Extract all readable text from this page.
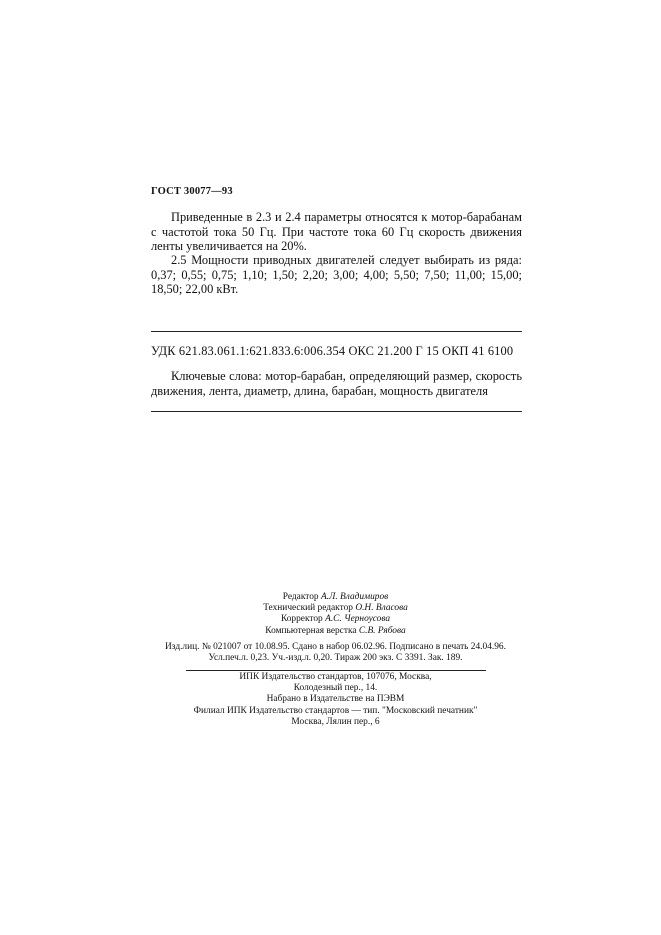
ГОСТ 30077—93
Приведенные в 2.3 и 2.4 параметры относятся к мотор-барабанам с частотой тока 50 Гц. При частоте тока 60 Гц скорость движения ленты увеличивается на 20%.
2.5 Мощности приводных двигателей следует выбирать из ряда: 0,37; 0,55; 0,75; 1,10; 1,50; 2,20; 3,00; 4,00; 5,50; 7,50; 11,00; 15,00; 18,50; 22,00 кВт.
УДК 621.83.061.1:621.833.6:006.354 ОКС 21.200 Г 15 ОКП 41 6100
Ключевые слова: мотор-барабан, определяющий размер, скорость движения, лента, диаметр, длина, барабан, мощность двигателя
Редактор А.Л. Владимиров
Технический редактор О.Н. Власова
Корректор А.С. Черноусова
Компьютерная верстка С.В. Рябова
Изд.лиц. № 021007 от 10.08.95. Сдано в набор 06.02.96. Подписано в печать 24.04.96.
Усл.печ.л. 0,23. Уч.-изд.л. 0,20. Тираж 200 экз. С 3391. Зак. 189.
ИПК Издательство стандартов, 107076, Москва,
Колодезный пер., 14.
Набрано в Издательстве на ПЭВМ
Филиал ИПК Издательство стандартов — тип. "Московский печатник"
Москва, Лялин пер., 6
